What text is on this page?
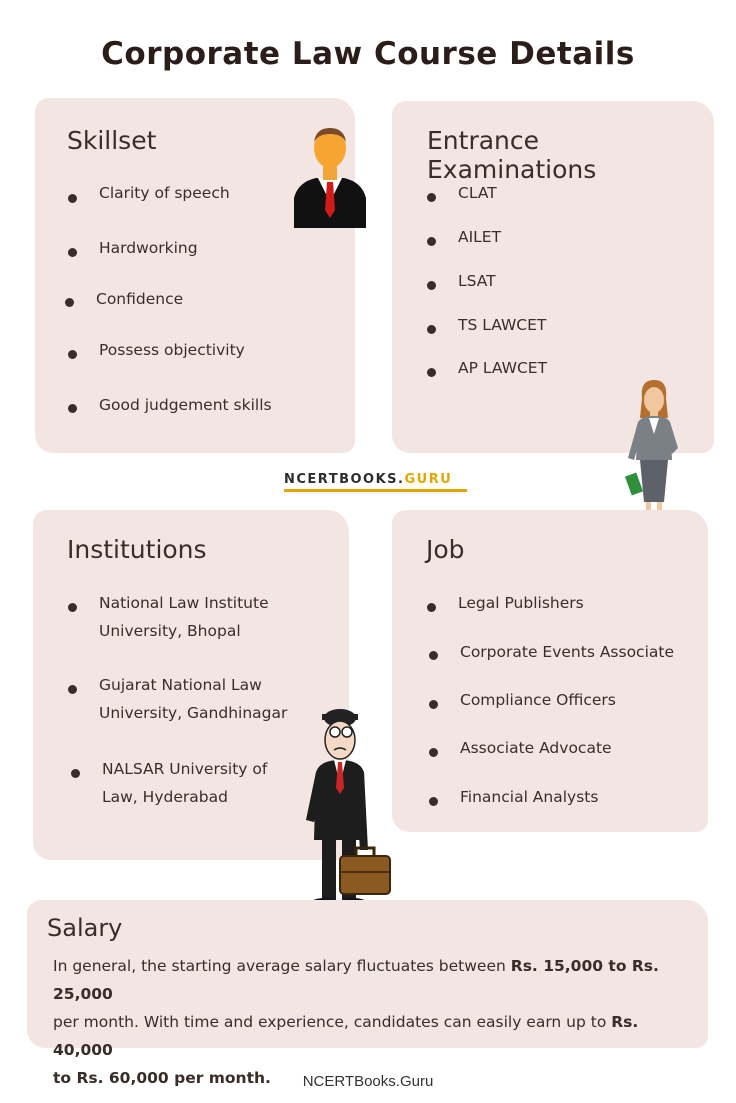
Corporate Law Course Details
Skillset
Clarity of speech
Hardworking
Confidence
Possess objectivity
Good judgement skills
Entrance Examinations
CLAT
AILET
LSAT
TS LAWCET
AP LAWCET
NCERTBOOKS.GURU
Institutions
National Law Institute
University, Bhopal
Gujarat National Law
University, Gandhinagar
NALSAR University of
Law, Hyderabad
Job
Legal Publishers
Corporate Events Associate
Compliance Officers
Associate Advocate
Financial Analysts
Salary
In general, the starting average salary fluctuates between Rs. 15,000 to Rs. 25,000
per month. With time and experience, candidates can easily earn up to Rs. 40,000
to Rs. 60,000 per month.	NCERTBooks.Guru
